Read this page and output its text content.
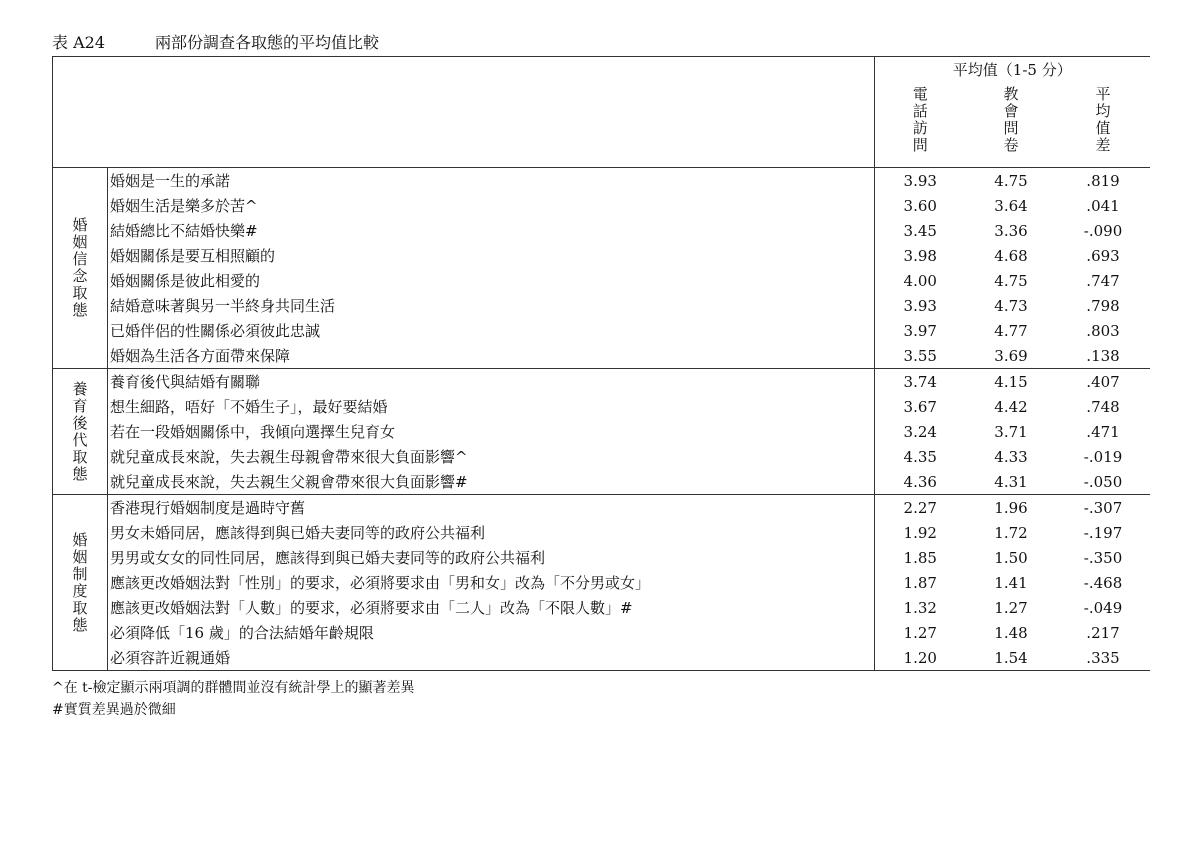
表 A24	兩部份調查各取態的平均值比較
		平均值（1-5 分）		
		電話訪問	教會問卷	平均值差
婚姻信念取態	婚姻是一生的承諾	3.93	4.75	.819
	婚姻生活是樂多於苦^	3.60	3.64	.041
	結婚總比不結婚快樂#	3.45	3.36	-.090
	婚姻關係是要互相照顧的	3.98	4.68	.693
	婚姻關係是彼此相愛的	4.00	4.75	.747
	結婚意味著與另一半終身共同生活	3.93	4.73	.798
	已婚伴侶的性關係必須彼此忠誠	3.97	4.77	.803
	婚姻為生活各方面帶來保障	3.55	3.69	.138
養育後代取態	養育後代與結婚有關聯	3.74	4.15	.407
	想生細路，唔好「不婚生子」，最好要結婚	3.67	4.42	.748
	若在一段婚姻關係中，我傾向選擇生兒育女	3.24	3.71	.471
	就兒童成長來說，失去親生母親會帶來很大負面影響^	4.35	4.33	-.019
	就兒童成長來說，失去親生父親會帶來很大負面影響#	4.36	4.31	-.050
婚姻制度取態	香港現行婚姻制度是過時守舊	2.27	1.96	-.307
	男女未婚同居，應該得到與已婚夫妻同等的政府公共福利	1.92	1.72	-.197
	男男或女女的同性同居，應該得到與已婚夫妻同等的政府公共福利	1.85	1.50	-.350
	應該更改婚姻法對「性別」的要求，必須將要求由「男和女」改為「不分男或女」	1.87	1.41	-.468
	應該更改婚姻法對「人數」的要求，必須將要求由「二人」改為「不限人數」#	1.32	1.27	-.049
	必須降低「16 歲」的合法結婚年齡規限	1.27	1.48	.217
	必須容許近親通婚	1.20	1.54	.335
^在 t-檢定顯示兩項調的群體間並沒有統計學上的顯著差異
#實質差異過於微細
